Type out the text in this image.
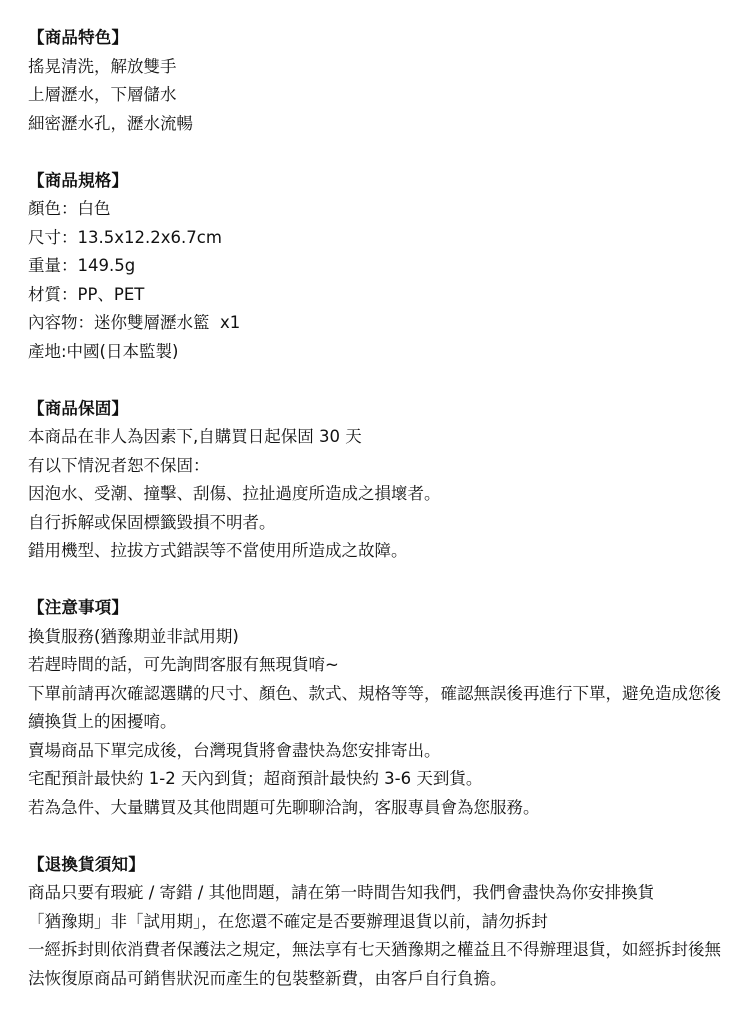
【商品特色】
搖晃清洗，解放雙手
上層瀝水，下層儲水
細密瀝水孔，瀝水流暢
【商品規格】
顏色：白色
尺寸：13.5x12.2x6.7cm
重量：149.5g
材質：PP、PET
內容物：迷你雙層瀝水籃  x1
產地:中國(日本監製)
【商品保固】
本商品在非人為因素下,自購買日起保固 30 天
有以下情況者恕不保固：
因泡水、受潮、撞擊、刮傷、拉扯過度所造成之損壞者。
自行拆解或保固標籤毀損不明者。
錯用機型、拉拔方式錯誤等不當使用所造成之故障。
【注意事項】
換貨服務(猶豫期並非試用期)
若趕時間的話，可先詢問客服有無現貨唷~
下單前請再次確認選購的尺寸、顏色、款式、規格等等，確認無誤後再進行下單，避免造成您後續換貨上的困擾唷。
賣場商品下單完成後，台灣現貨將會盡快為您安排寄出。
宅配預計最快約 1-2 天內到貨；超商預計最快約 3-6 天到貨。
若為急件、大量購買及其他問題可先聊聊洽詢，客服專員會為您服務。
【退換貨須知】
商品只要有瑕疵 / 寄錯 / 其他問題，請在第一時間告知我們，我們會盡快為你安排換貨
「猶豫期」非「試用期」，在您還不確定是否要辦理退貨以前，請勿拆封
一經拆封則依消費者保護法之規定，無法享有七天猶豫期之權益且不得辦理退貨，如經拆封後無法恢復原商品可銷售狀況而產生的包裝整新費，由客戶自行負擔。
